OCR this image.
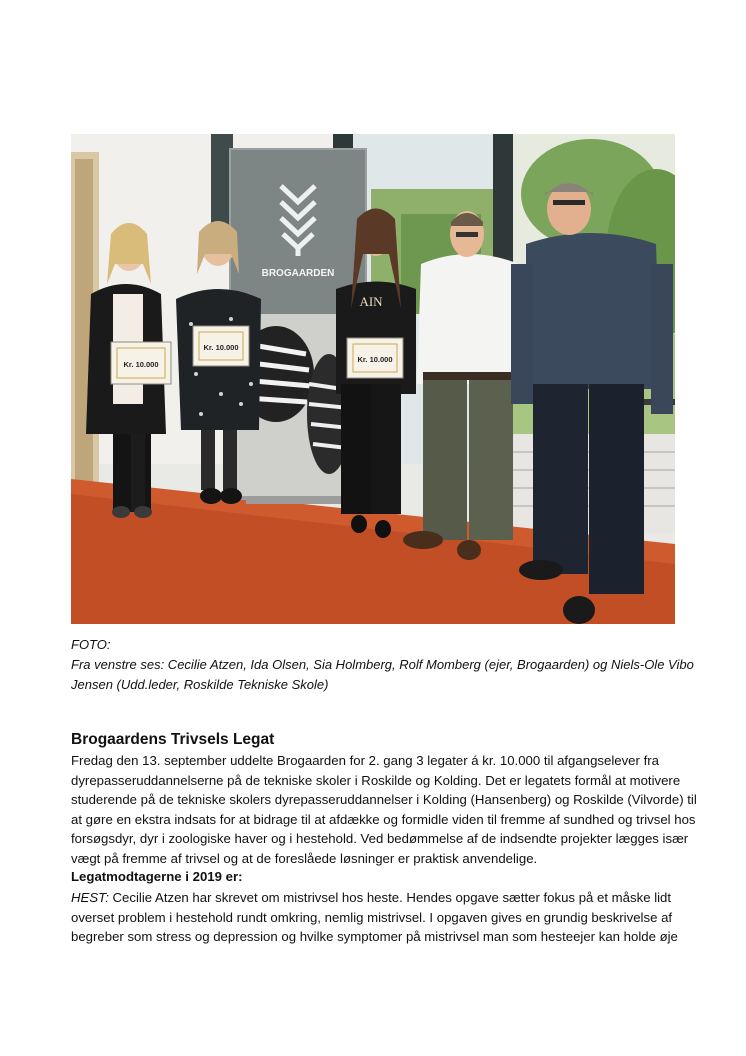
BROGAARDEN
Kr. 10.000
Kr. 10.000
AIN
Kr. 10.000
FOTO:
Fra venstre ses: Cecilie Atzen, Ida Olsen, Sia Holmberg, Rolf Momberg (ejer, Brogaarden) og Niels-Ole Vibo
Jensen (Udd.leder, Roskilde Tekniske Skole)
Brogaardens Trivsels Legat
Fredag den 13. september uddelte Brogaarden for 2. gang 3 legater á kr. 10.000 til afgangselever fra
dyrepasseruddannelserne på de tekniske skoler i Roskilde og Kolding. Det er legatets formål at motivere
studerende på de tekniske skolers dyrepasseruddannelser i Kolding (Hansenberg) og Roskilde (Vilvorde) til
at gøre en ekstra indsats for at bidrage til at afdække og formidle viden til fremme af sundhed og trivsel hos
forsøgsdyr, dyr i zoologiske haver og i hestehold. Ved bedømmelse af de indsendte projekter lægges især
vægt på fremme af trivsel og at de foreslåede løsninger er praktisk anvendelige.
Legatmodtagerne i 2019 er:
HEST: Cecilie Atzen har skrevet om mistrivsel hos heste. Hendes opgave sætter fokus på et måske lidt
overset problem i hestehold rundt omkring, nemlig mistrivsel. I opgaven gives en grundig beskrivelse af
begreber som stress og depression og hvilke symptomer på mistrivsel man som hesteejer kan holde øje
